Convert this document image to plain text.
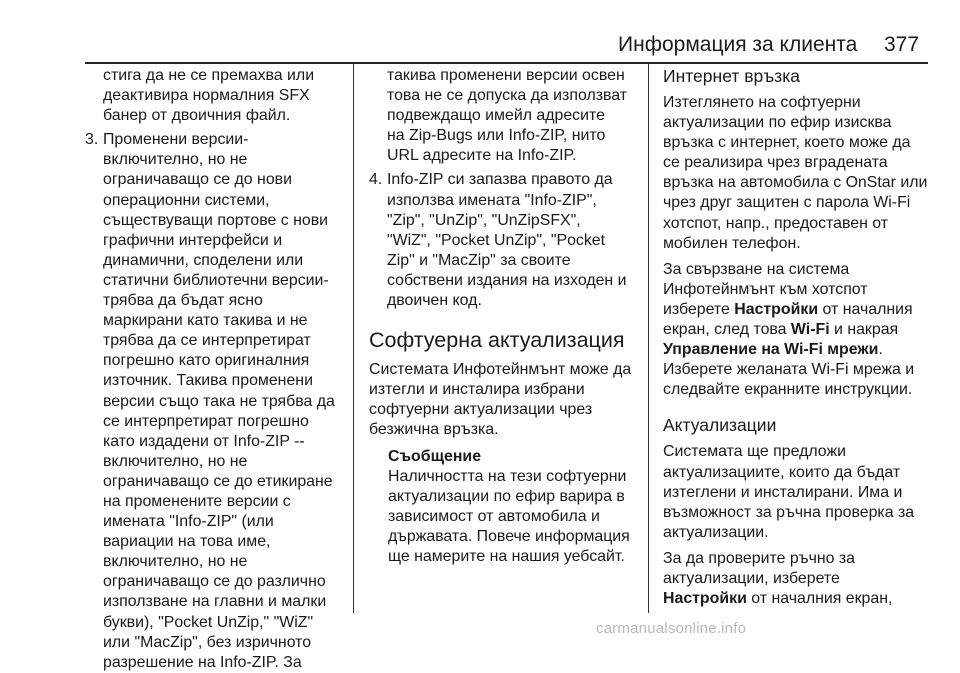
Информация за клиента 377
стига да не се премахва или
деактивира нормалния SFX
банер от двоичния файл.
3. Променени версии-
включително, но не
ограничаващо се до нови
операционни системи,
съществуващи портове с нови
графични интерфейси и
динамични, споделени или
статични библиотечни версии-
трябва да бъдат ясно
маркирани като такива и не
трябва да се интерпретират
погрешно като оригиналния
източник. Такива променени
версии също така не трябва да
се интерпретират погрешно
като издадени от Info-ZIP --
включително, но не
ограничаващо се до етикиране
на променените версии с
имената "Info-ZIP" (или
вариации на това име,
включително, но не
ограничаващо се до различно
използване на главни и малки
букви), "Pocket UnZip," "WiZ"
или "MacZip", без изричното
разрешение на Info-ZIP. За
такива променени версии освен
това не се допуска да използват
подвеждащо имейл адресите
на Zip-Bugs или Info-ZIP, нито
URL адресите на Info-ZIP.
4. Info-ZIP си запазва правото да
използва имената "Info-ZIP",
"Zip", "UnZip", "UnZipSFX",
"WiZ", "Pocket UnZip", "Pocket
Zip" и "MacZip" за своите
собствени издания на изходен и
двоичен код.
Софтуерна актуализация
Системата Инфотейнмънт може да
изтегли и инсталира избрани
софтуерни актуализации чрез
безжична връзка.
Съобщение
Наличността на тези софтуерни
актуализации по ефир варира в
зависимост от автомобила и
държавата. Повече информация
ще намерите на нашия уебсайт.
Интернет връзка
Изтеглянето на софтуерни
актуализации по ефир изисква
връзка с интернет, което може да
се реализира чрез вградената
връзка на автомобила с OnStar или
чрез друг защитен с парола Wi-Fi
хотспот, напр., предоставен от
мобилен телефон.
За свързване на система
Инфотейнмънт към хотспот
изберете Настройки от началния
екран, след това Wi-Fi и накрая
Управление на Wi-Fi мрежи.
Изберете желаната Wi-Fi мрежа и
следвайте екранните инструкции.
Актуализации
Системата ще предложи
актуализациите, които да бъдат
изтеглени и инсталирани. Има и
възможност за ръчна проверка за
актуализации.
За да проверите ръчно за
актуализации, изберете
Настройки от началния екран,
carmanualsonline.info
